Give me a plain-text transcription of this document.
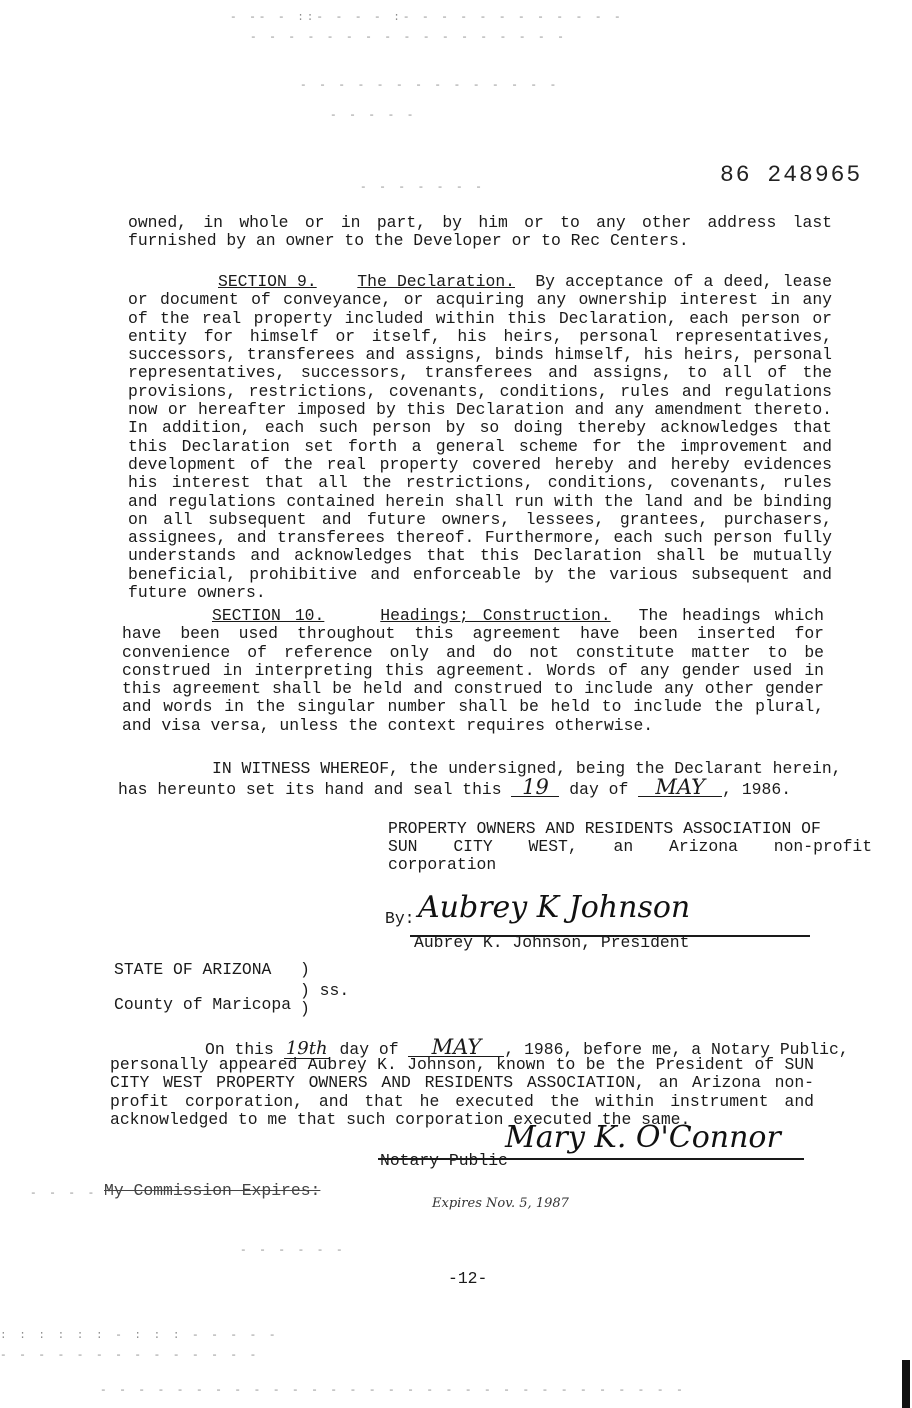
- -- - ::- - - - :- - - - - - - - - - - -
- - - - - - - - - - - - - - - - -
- - - - - - - - - - - - - -
- - - - -
- - - - - - -	86 248965
owned, in whole or in part, by him or to any other address last furnished by an owner to the Developer or to Rec Centers.
SECTION 9. The Declaration. By acceptance of a deed, lease or document of conveyance, or acquiring any ownership interest in any of the real property included within this Declaration, each person or entity for himself or itself, his heirs, personal representatives, successors, transferees and assigns, binds himself, his heirs, personal representatives, successors, transferees and assigns, to all of the provisions, restrictions, covenants, conditions, rules and regulations now or hereafter imposed by this Declaration and any amendment thereto. In addition, each such person by so doing thereby acknowledges that this Declaration set forth a general scheme for the improvement and development of the real property covered hereby and hereby evidences his interest that all the restrictions, conditions, covenants, rules and regulations contained herein shall run with the land and be binding on all subsequent and future owners, lessees, grantees, purchasers, assignees, and transferees thereof. Furthermore, each such person fully understands and acknowledges that this Declaration shall be mutually beneficial, prohibitive and enforceable by the various subsequent and future owners.
SECTION 10.	Headings; Construction. The headings which have been used throughout this agreement have been inserted for convenience of reference only and do not constitute matter to be construed in interpreting this agreement. Words of any gender used in this agreement shall be held and construed to include any other gender and words in the singular number shall be held to include the plural, and visa versa, unless the context requires otherwise.
IN WITNESS WHEREOF, the undersigned, being the Declarant herein,
has hereunto set its hand and seal this 19 day of MAY , 1986.
PROPERTY OWNERS AND RESIDENTS ASSOCIATION OF
SUN CITY WEST, an Arizona non-profit
corporation
By: Aubrey K Johnson
Aubrey K. Johnson, President
STATE OF ARIZONA )
) ss.
County of Maricopa )
On this 19th day of MAY , 1986, before me, a Notary Public,
personally appeared Aubrey K. Johnson, known to be the President of SUN CITY WEST PROPERTY OWNERS AND RESIDENTS ASSOCIATION, an Arizona non-profit corporation, and that he executed the within instrument and acknowledged to me that such corporation executed the same.
Mary K. O'Connor
Notary Public
My Commission Expires:
Expires Nov. 5, 1987
- - - -
- - - - - -
-12-
: : : : : : - : : : - - - - -
- - - - - - - - - - - - - -
- - - - - - - - - - - - - - - - - - - - - - - - - - - - - - -
